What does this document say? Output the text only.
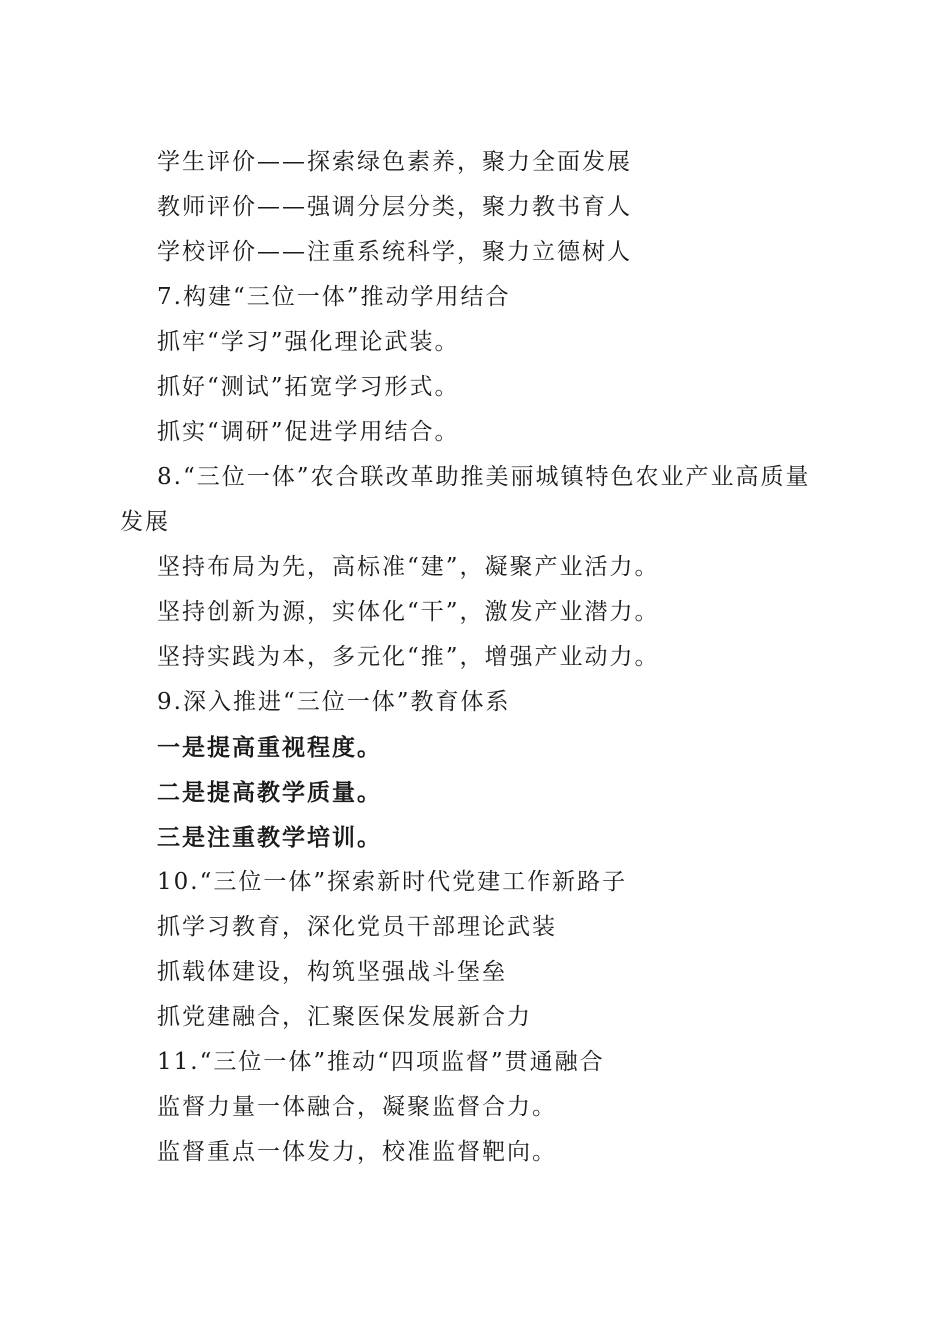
学生评价——探索绿色素养，聚力全面发展
教师评价——强调分层分类，聚力教书育人
学校评价——注重系统科学，聚力立德树人
7.构建“三位一体”推动学用结合
抓牢“学习”强化理论武装。
抓好“测试”拓宽学习形式。
抓实“调研”促进学用结合。
8.“三位一体”农合联改革助推美丽城镇特色农业产业高质量发展
坚持布局为先，高标准“建”，凝聚产业活力。
坚持创新为源，实体化“干”，激发产业潜力。
坚持实践为本，多元化“推”，增强产业动力。
9.深入推进“三位一体”教育体系
一是提高重视程度。
二是提高教学质量。
三是注重教学培训。
10.“三位一体”探索新时代党建工作新路子
抓学习教育，深化党员干部理论武装
抓载体建设，构筑坚强战斗堡垒
抓党建融合，汇聚医保发展新合力
11.“三位一体”推动“四项监督”贯通融合
监督力量一体融合，凝聚监督合力。
监督重点一体发力，校准监督靶向。
